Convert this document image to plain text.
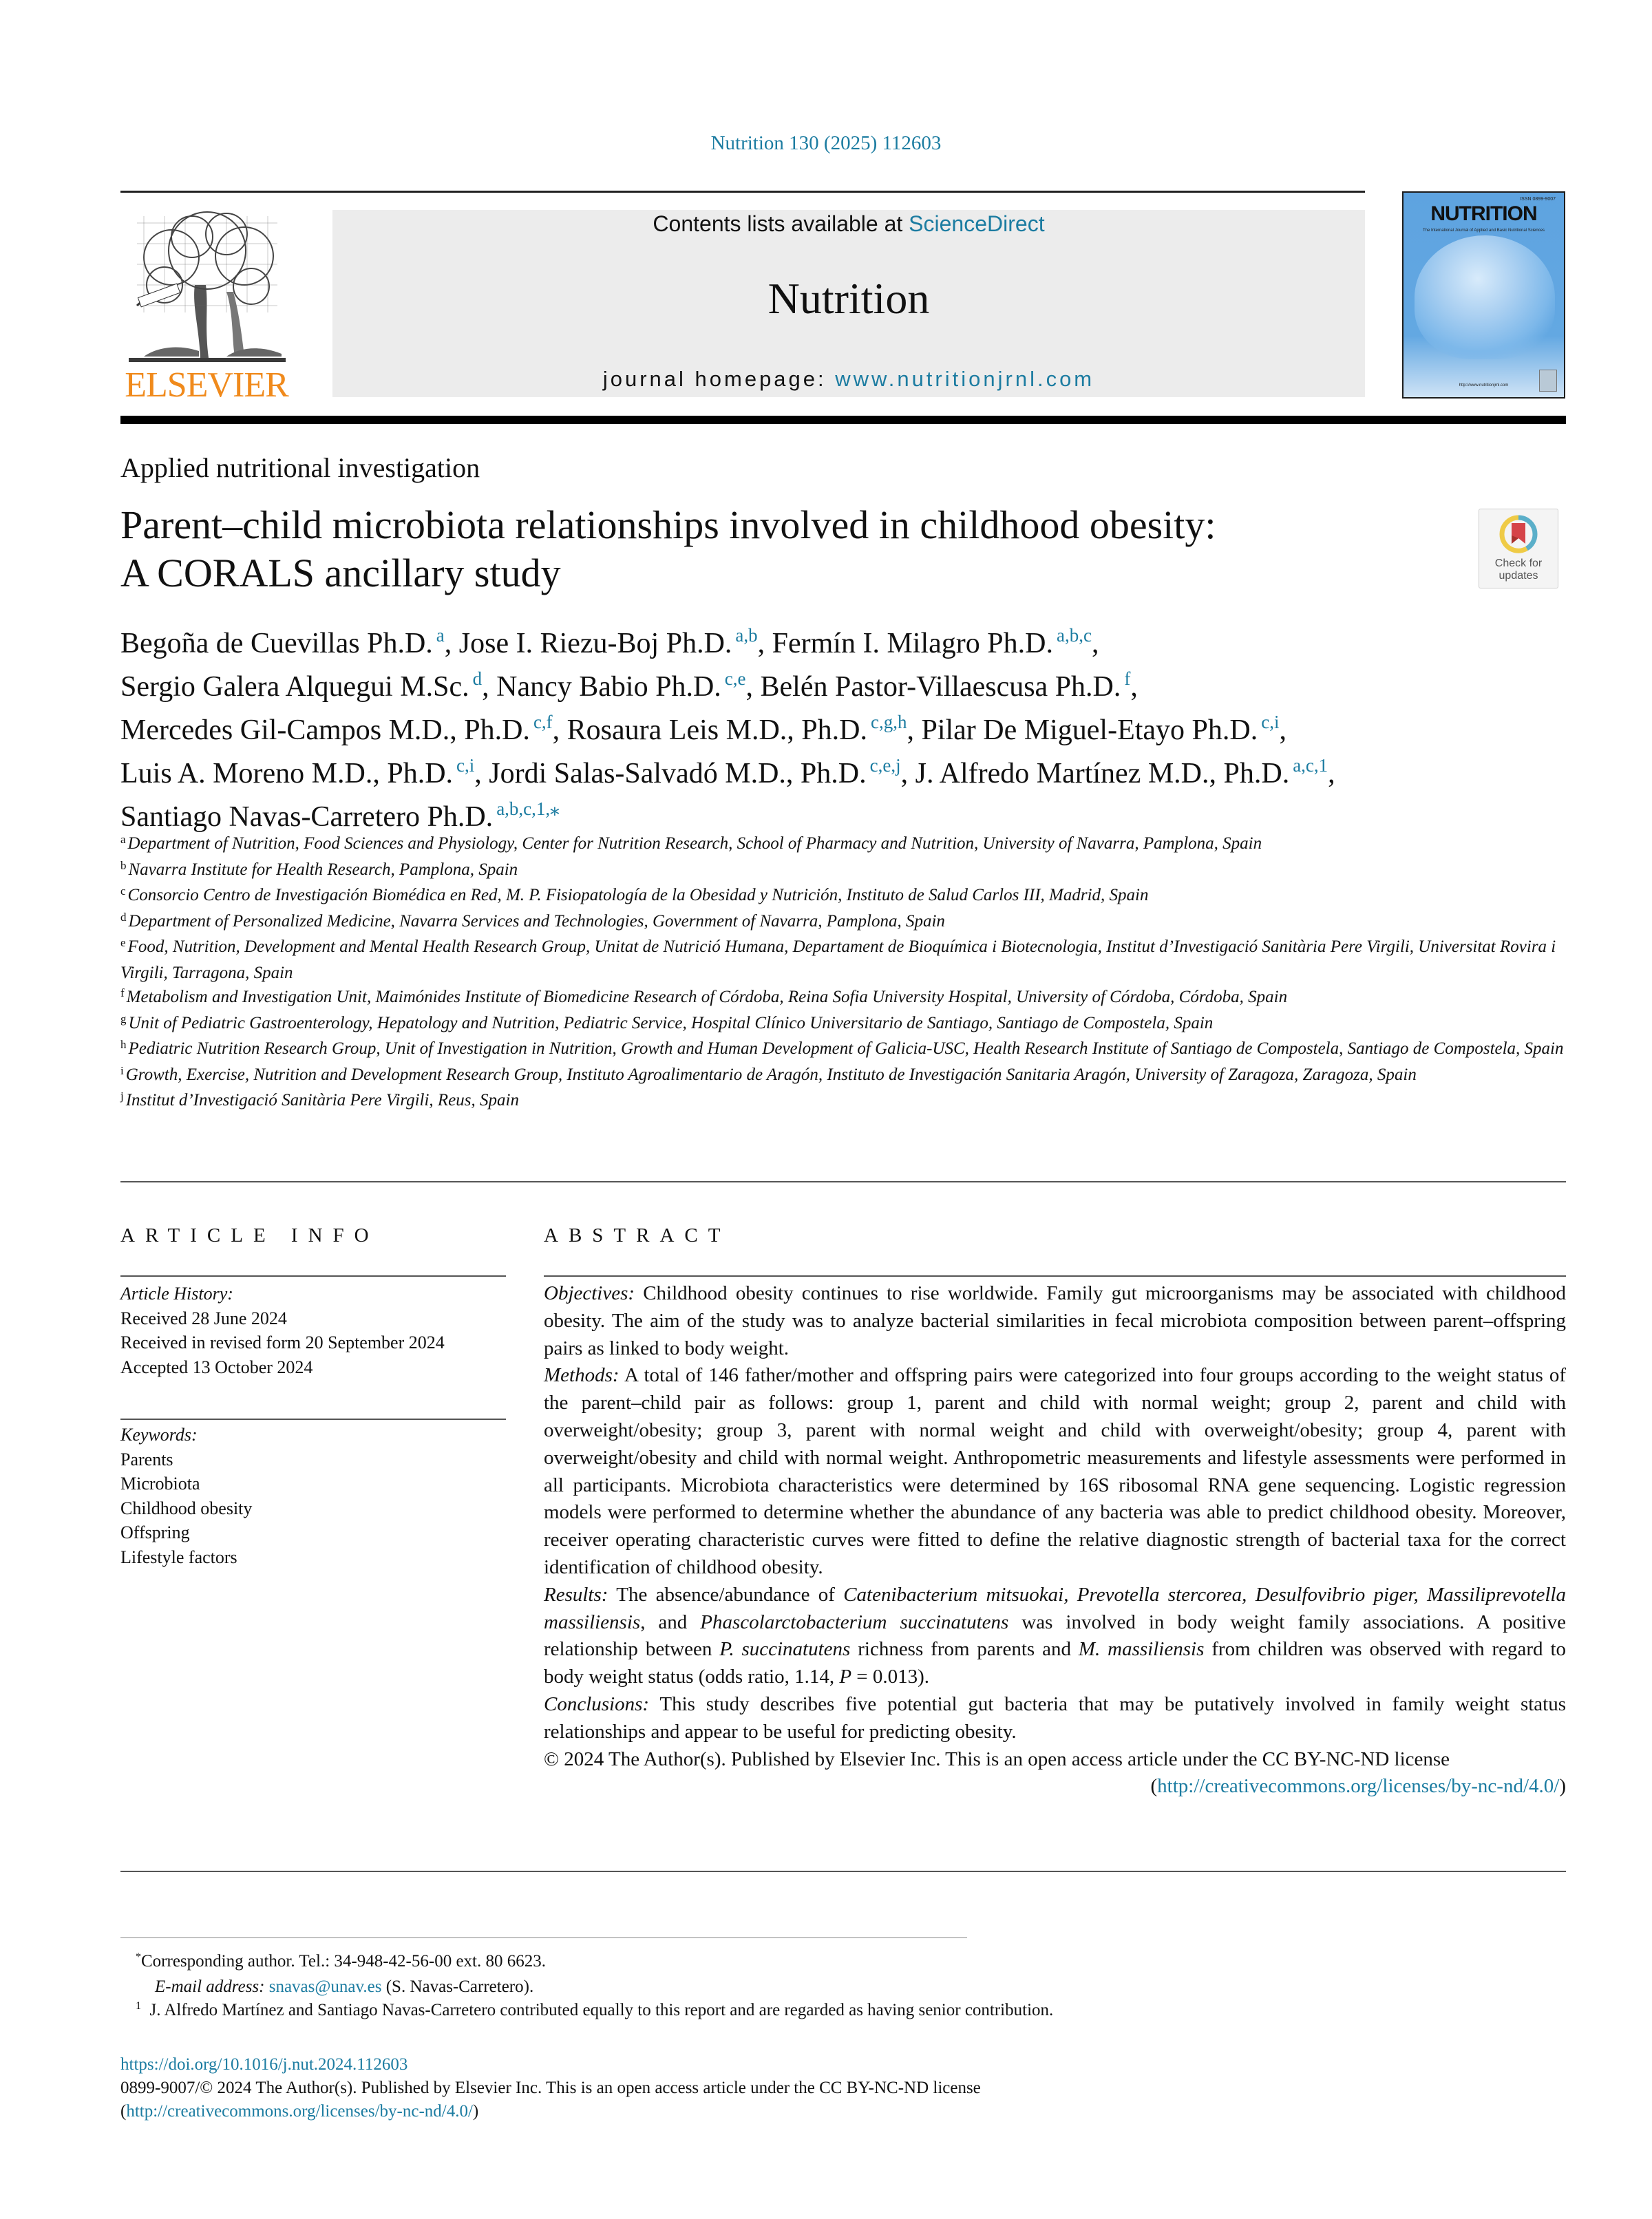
Nutrition 130 (2025) 112603
ELSEVIER
Contents lists available at ScienceDirect
Nutrition
journal homepage: www.nutritionjrnl.com
ISSN 0899-9007
NUTRITION
The International Journal of Applied and Basic Nutritional Sciences
http://www.nutritionjrnl.com
Applied nutritional investigation
Parent–child microbiota relationships involved in childhood obesity:
A CORALS ancillary study	Check for
updates
Begoña de Cuevillas Ph.D. $^a$, Jose I. Riezu-Boj Ph.D. $^{a,b}$, Fermín I. Milagro Ph.D. $^{a,b,c}$,
Sergio Galera Alquegui M.Sc. $^d$, Nancy Babio Ph.D. $^{c,e}$, Belén Pastor-Villaescusa Ph.D. $^f$,
Mercedes Gil-Campos M.D., Ph.D. $^{c,f}$, Rosaura Leis M.D., Ph.D. $^{c,g,h}$, Pilar De Miguel-Etayo Ph.D. $^{c,i}$,
Luis A. Moreno M.D., Ph.D. $^{c,i}$, Jordi Salas-Salvadó M.D., Ph.D. $^{c,e,j}$, J. Alfredo Martínez M.D., Ph.D. $^{a,c,1}$,
Santiago Navas-Carretero Ph.D. $^{a,b,c,1,⁎}$
$^a$ Department of Nutrition, Food Sciences and Physiology, Center for Nutrition Research, School of Pharmacy and Nutrition, University of Navarra, Pamplona, Spain
$^b$ Navarra Institute for Health Research, Pamplona, Spain
$^c$ Consorcio Centro de Investigación Biomédica en Red, M. P. Fisiopatología de la Obesidad y Nutrición, Instituto de Salud Carlos III, Madrid, Spain
$^d$ Department of Personalized Medicine, Navarra Services and Technologies, Government of Navarra, Pamplona, Spain
$^e$ Food, Nutrition, Development and Mental Health Research Group, Unitat de Nutrició Humana, Departament de Bioquímica i Biotecnologia, Institut d’Investigació Sanitària Pere Virgili, Universitat Rovira i Virgili, Tarragona, Spain
$^f$ Metabolism and Investigation Unit, Maimónides Institute of Biomedicine Research of Córdoba, Reina Sofia University Hospital, University of Córdoba, Córdoba, Spain
$^g$ Unit of Pediatric Gastroenterology, Hepatology and Nutrition, Pediatric Service, Hospital Clínico Universitario de Santiago, Santiago de Compostela, Spain
$^h$ Pediatric Nutrition Research Group, Unit of Investigation in Nutrition, Growth and Human Development of Galicia-USC, Health Research Institute of Santiago de Compostela, Santiago de Compostela, Spain
$^i$ Growth, Exercise, Nutrition and Development Research Group, Instituto Agroalimentario de Aragón, Instituto de Investigación Sanitaria Aragón, University of Zaragoza, Zaragoza, Spain
$^j$ Institut d’Investigació Sanitària Pere Virgili, Reus, Spain
ARTICLE INFO
Article History:
Received 28 June 2024
Received in revised form 20 September 2024
Accepted 13 October 2024
Keywords:
Parents
Microbiota
Childhood obesity
Offspring
Lifestyle factors
ABSTRACT

Objectives: Childhood obesity continues to rise worldwide. Family gut microorganisms may be associated with childhood obesity. The aim of the study was to analyze bacterial similarities in fecal microbiota composition between parent–offspring pairs as linked to body weight.

Methods: A total of 146 father/mother and offspring pairs were categorized into four groups according to the weight status of the parent–child pair as follows: group 1, parent and child with normal weight; group 2, parent and child with overweight/obesity; group 3, parent with normal weight and child with overweight/obesity; group 4, parent with overweight/obesity and child with normal weight. Anthropometric measurements and lifestyle assessments were performed in all participants. Microbiota characteristics were determined by 16S ribosomal RNA gene sequencing. Logistic regression models were performed to determine whether the abundance of any bacteria was able to predict childhood obesity. Moreover, receiver operating characteristic curves were fitted to define the relative diagnostic strength of bacterial taxa for the correct identification of childhood obesity.

Results: The absence/abundance of Catenibacterium mitsuokai, Prevotella stercorea, Desulfovibrio piger, Massiliprevotella massiliensis, and Phascolarctobacterium succinatutens was involved in body weight family associations. A positive relationship between P. succinatutens richness from parents and M. massiliensis from children was observed with regard to body weight status (odds ratio, 1.14, P = 0.013).

Conclusions: This study describes five potential gut bacteria that may be putatively involved in family weight status relationships and appear to be useful for predicting obesity.

© 2024 The Author(s). Published by Elsevier Inc. This is an open access article under the CC BY-NC-ND license

(http://creativecommons.org/licenses/by-nc-nd/4.0/)

*Corresponding author. Tel.: 34-948-42-56-00 ext. 80 6623.
E-mail address: snavas@unav.es (S. Navas-Carretero).
$^1$ J. Alfredo Martínez and Santiago Navas-Carretero contributed equally to this report and are regarded as having senior contribution.
https://doi.org/10.1016/j.nut.2024.112603
0899-9007/© 2024 The Author(s). Published by Elsevier Inc. This is an open access article under the CC BY-NC-ND license
(http://creativecommons.org/licenses/by-nc-nd/4.0/)
